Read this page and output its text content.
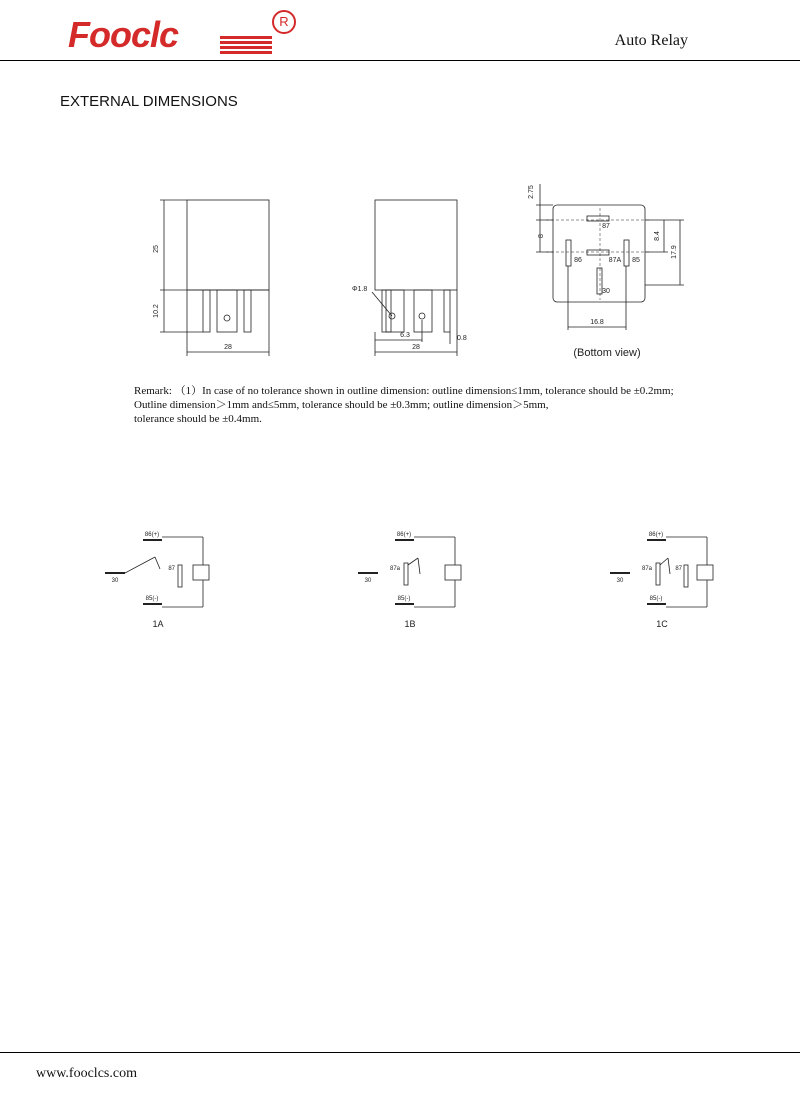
Fooclc	R
Auto Relay
EXTERNAL DIMENSIONS
25
10.2
28
Φ1.8
6.3
28
0.8
87
86	87A 85
30
2.75
8	8.4
17.9
16.8
(Bottom view)
Remark: （1）In case of no tolerance shown in outline dimension: outline dimension≤1mm, tolerance should be ±0.2mm;
Outline dimension＞1mm and≤5mm, tolerance should be ±0.3mm; outline dimension＞5mm,
tolerance should be ±0.4mm.
86(+)
85(-)
87
30
1A
86(+)
85(-)
87a
30
1B
86(+)
85(-)
87a	87
30
1C
www.fooclcs.com
